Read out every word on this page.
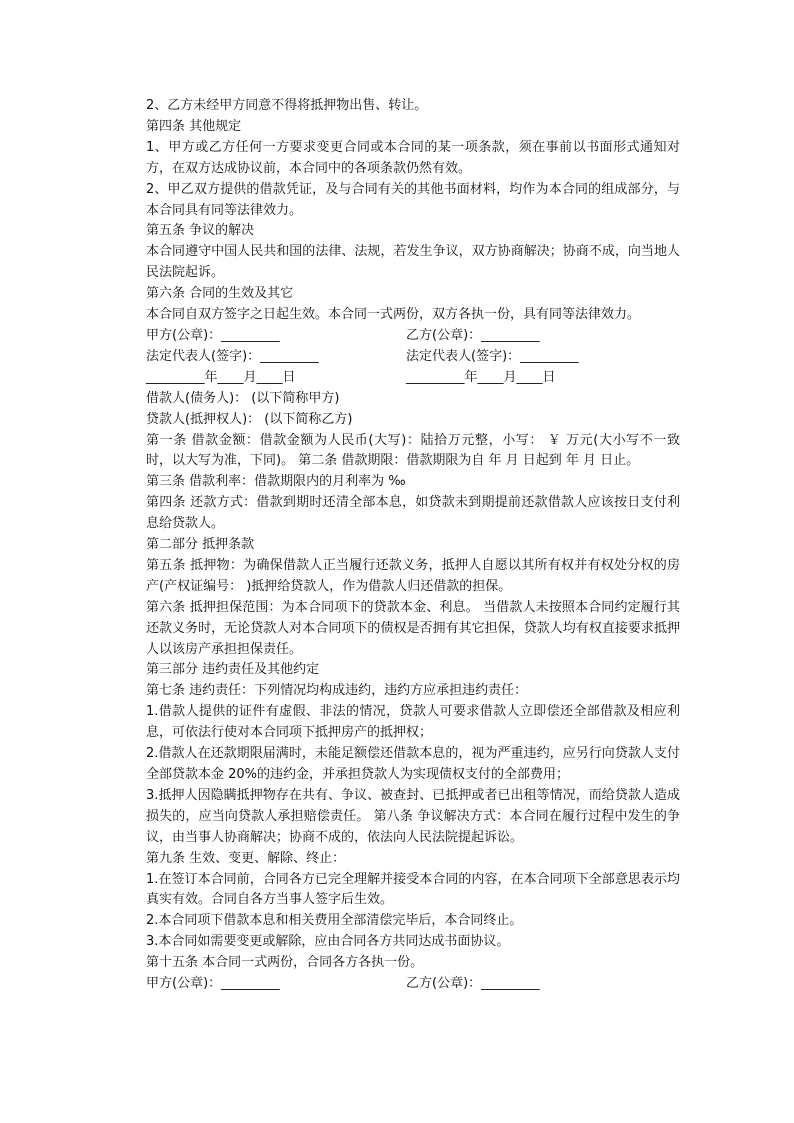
2、乙方未经甲方同意不得将抵押物出售、转让。

第四条 其他规定

1、甲方或乙方任何一方要求变更合同或本合同的某一项条款，须在事前以书面形式通知对方，在双方达成协议前，本合同中的各项条款仍然有效。

2、甲乙双方提供的借款凭证，及与合同有关的其他书面材料，均作为本合同的组成部分，与本合同具有同等法律效力。

第五条 争议的解决

本合同遵守中国人民共和国的法律、法规，若发生争议，双方协商解决；协商不成，向当地人民法院起诉。

第六条 合同的生效及其它

本合同自双方签字之日起生效。本合同一式两份，双方各执一份，具有同等法律效力。

甲方(公章)：_________	乙方(公章)：_________
法定代表人(签字)：_________	法定代表人(签字)：_________
_________年____月____日	_________年____月____日

借款人(债务人)： (以下简称甲方)

贷款人(抵押权人)： (以下简称乙方)

第一条 借款金额：借款金额为人民币(大写)：陆拾万元整，小写： ￥ 万元(大小写不一致时，以大写为准，下同)。 第二条 借款期限：借款期限为自 年 月 日起到 年 月 日止。

第三条 借款利率：借款期限内的月利率为 ‰

第四条 还款方式：借款到期时还清全部本息，如贷款未到期提前还款借款人应该按日支付利息给贷款人。

第二部分 抵押条款

第五条 抵押物：为确保借款人正当履行还款义务，抵押人自愿以其所有权并有权处分权的房产(产权证编号： )抵押给贷款人，作为借款人归还借款的担保。

第六条 抵押担保范围：为本合同项下的贷款本金、利息。 当借款人未按照本合同约定履行其还款义务时，无论贷款人对本合同项下的债权是否拥有其它担保，贷款人均有权直接要求抵押人以该房产承担担保责任。

第三部分 违约责任及其他约定

第七条 违约责任：下列情况均构成违约，违约方应承担违约责任：

1.借款人提供的证件有虚假、非法的情况，贷款人可要求借款人立即偿还全部借款及相应利息，可依法行使对本合同项下抵押房产的抵押权；

2.借款人在还款期限届满时，未能足额偿还借款本息的，视为严重违约，应另行向贷款人支付全部贷款本金 20%的违约金，并承担贷款人为实现债权支付的全部费用；

3.抵押人因隐瞒抵押物存在共有、争议、被查封、已抵押或者已出租等情况，而给贷款人造成损失的，应当向贷款人承担赔偿责任。 第八条 争议解决方式：本合同在履行过程中发生的争议，由当事人协商解决；协商不成的，依法向人民法院提起诉讼。

第九条 生效、变更、解除、终止：

1.在签订本合同前，合同各方已完全理解并接受本合同的内容，在本合同项下全部意思表示均真实有效。合同自各方当事人签字后生效。

2.本合同项下借款本息和相关费用全部清偿完毕后，本合同终止。

3.本合同如需要变更或解除，应由合同各方共同达成书面协议。

第十五条 本合同一式两份，合同各方各执一份。

甲方(公章)：_________	乙方(公章)：_________
